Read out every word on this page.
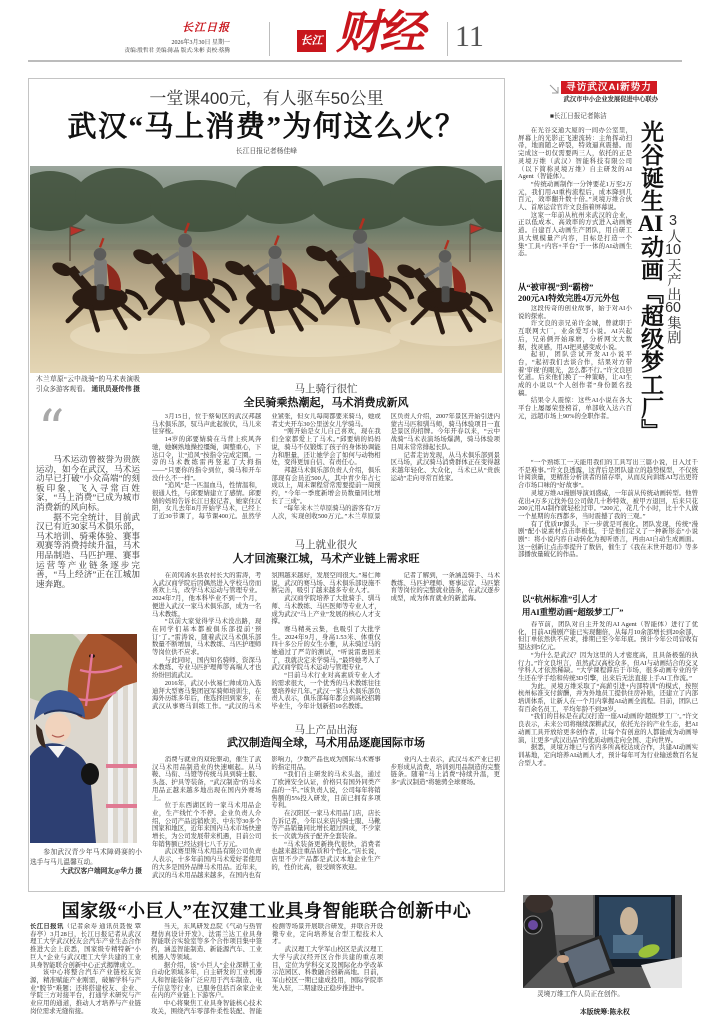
长江日报
2026年3月30日 星期一
责编:殷哲君 美编:陈晶 版式:朱彬 责校:蔡腾
长江 财经	11
一堂课400元，有人驱车50公里
武汉“马上消费”为何这么火？
长江日报记者杨佳峰
木兰草原“云中战骑”的马术表演吸引众多游客观看。 通讯员聂传伟 摄
“

马术运动曾被誉为贵族运动，如今在武汉，马术运动早已打破“小众高端”的刻板印象，飞入寻常百姓家，“马上消费”已成为城市消费新的风向标。

据不完全统计，目前武汉已有近30家马术俱乐部，马术培训、骑乘体验、赛事观赛等消费持续升温，马术用品制造、马匹护理、赛事运营等产业链条逐步完善，“马上经济”正在江城加速奔跑。

参加武汉青少年马术障碍赛的小选手与马儿温馨互动。
大武汉客户端网友@华力 摄
马上骑行很忙
全民骑乘热潮起，马术消费成新风

3月15日，位于蔡甸区的武汉邦越马术俱乐部，驭马声此起彼伏，马儿来往穿梭。

14岁的邱要婧骑在马背上疾风奔驰，她娴熟地操控缰绳，调整重心，下达口令，让“追风”按指令完成定圈。一旁的马术教练雷再竖起了大拇指——“只要你的指令到位，骑马和开车没什么不一样”。

“追风”是一匹温血马，性情温和，很通人性，与邱要婧建立了感情。邱要婧的妈妈告诉长江日报记者，她家住汉阳，女儿去年8月开始学马术，已经上了近30节课了，每节课400元。虽然学业紧张，但女儿每周都要来骑马，她或者丈夫开车30公里送女儿学骑马。

“刚开始是女儿自己喜欢，现在我们全家都爱上了马术。”邱要婧的妈妈说，骑马不仅锻炼了孩子的身体协调能力和胆量，还让她学会了如何与动物相处，变得更加自信、有责任心。

邦越马术俱乐部负责人介绍，俱乐部现有会员近500人，其中青少年占七成以上，周末课程常常需要提前一周预约，“今年一季度新增会员数量同比增长了三成”。

“每年来木兰草原骑马的游客有7万人次，实现创收500万元。”木兰草原景区负责人介绍，2007年景区开始引进内蒙古马匹和驯马师，骑马体验项目一直是景区的招牌。今年开春以来，“云中战骑”马术表演场场爆满，骑马体验项目周末常常排起长队。

记者走访发现，从马术俱乐部到景区马场，武汉骑马消费群体正在变得越来越年轻化、大众化，马术已从“贵族运动”走向寻常百姓家。

马上就业很火
人才回流聚江城，马术产业链上需求旺

在黄冈浠水县农村长大的雷涛，考入武汉商学院后因偶然进入学校马房而喜欢上马，改学马术运动与管理专业。2024年7月，他本科毕业不到一个月，便进入武汉一家马术俱乐部，成为一名马术教练。

“以前大家觉得学马术没出路，现在同学们基本都被俱乐部提前‘预订’了。”雷涛说，随着武汉马术俱乐部数量不断增加，马术教练、马匹护理师等岗位供不应求。

与此同时，国内知名骑师、资深马术教练、专业马匹护理师等高端人才也纷纷回流武汉。

2016年，武汉小伙易仁帅成功入选迪拜大型赛马集团冠军骑师培训生，在海外历练多年后，他选择回到家乡，在武汉从事赛马训练工作。“武汉的马术氛围越来越好，发展空间很大。”易仁帅说，武汉的赛马场、马术俱乐部设施不断完善，吸引了越来越多专业人才。

武汉商学院培养了大批骑手、驯马师、马术教练、马匹医师等专业人才，成为武汉“马上产业”发展的核心人才支撑。

赛马精英云集，也吸引了大批学生。2024年9月，身高1.53米、体重仅四十多公斤的女生小雅，从未骑过马的她通过了严苛的测试，“听说雷勇回来了，我就决定来学骑马。”最终她考入了武汉商学院马术运动与管理专业。

“目前马术行业对高素质专业人才的需求很大，一个优秀的马术教练往往要培养好几年。”武汉一家马术俱乐部负责人表示，俱乐部每年都会到高校招聘毕业生，今年计划新招10名教练。

记者了解到，一条涵盖骑手、马术教练、马匹护理师、赛事运营、马匹繁育等岗位的完整就业链条，在武汉逐步成型，成为体育就业的新蓝海。

马上产品出海
武汉制造闯全球，马术用品逐鹿国际市场

消费与就业的双轮驱动，催生了武汉马术用品制造业的快速崛起。从马鞍、马衔、马镫等传统马具到骑士服、头盔、护具等装备，“武汉制造”的马术用品正越来越多地出现在国内外赛场上。

位于东西湖区的一家马术用品企业，生产线忙个不停。企业负责人介绍，公司产品远销欧美、中东等30多个国家和地区，近年来国内马术市场快速增长，为公司发展带来机遇，目前公司年销售额已经达到七八千万元。

武汉赛里斯马术用品有限公司负责人表示，十多年前国内马术爱好者使用的大多是国外品牌马术用品。近年来，武汉的马术用品越来越多，在国内也有影响力，少数产品也成为国际马术赛事的指定用品。

“我们自主研发的马术头盔，通过了欧洲安全认证，价格只有国外同类产品的一半。”该负责人说，公司每年将销售额的5%投入研发，目前已拥有多项专利。

在汉阳区一家马术用品门店，店长告诉记者，今年以来店内骑士服、马靴等产品销量同比增长超过四成，不少家长一次就为孩子配齐全套装备。

“马术装备更新换代很快，消费者也越来越注重品质和个性化。”店长说，店里不少产品都是武汉本地企业生产的，性价比高，很受顾客欢迎。

业内人士表示，武汉马术产业已初步形成从消费、培训到用品制造的完整链条。随着“马上消费”持续升温，更多“武汉制造”将驰骋全球赛场。

寻访武汉AI新势力
武汉市中小企业发展促进中心联办
■长江日报记者陈洁

在光谷交通大厦的一间办公室里，屏幕上的光影正飞速流转：主角挥动扫帚，地面随之碎裂，特效逼真震撼。而完成这一切仅需要两三人，依托的正是灵境万维（武汉）智能科技有限公司（以下简称灵境万维）自主研发的AI Agent（智能体）。

“传统动画制作一分钟要花1万至2万元，我们用AI重构流程后，成本降到几百元，效率翻升数十倍。”灵境万维合伙人、首席运营官许文良指着屏幕说。

这家一年前从杭州来武汉的企业，正以低成本、高效率的方式进入动画赛道。自建百人动画生产团队，用自研工具大规模量产内容，目标是打造一个集“工具+内容+平台”于一体的AI动画生态。

从“被审视”到“霸榜”
200元AI特效完胜4万元外包

这段传奇的创业故事，始于对AI小说的探索。

许文良的亲兄弟许金城，曾就职于互联网大厂，业余爱写小说。AI兴起后，兄弟俩开始琢磨，分析网文大数据，找灵感，用AI把灵感变成小说。

起初，团队尝试开发AI小说平台，“起初我们去谈合作，结果对方带着‘审视’的眼光，怎么都不行。”许文良回忆道。后来他们换了一种策略，让AI生成的小说以“个人创作者”身份匿名投稿。

结果令人震惊：这些AI小说在各大平台上屡屡荣登榜首，单部收入达六百元，远超市场上90%的全职作者。

光谷诞生AI动画『超级梦工厂』
3人10天产出60集剧

“一个熟练工一天能用我们的工具写出三篇小说，日入过千不是难事。”许文良透露，这背后是团队建立的趋势模型，不仅统计阅读量，更精准分析读者的留存率，从而反向训练AI写出更符合市场口味的“好故事”。

灵境万维AI漫剧导演刘盛威，一年前从传统动画转型。他曾花出4万多元找外包公司做几十秒特效，被甲方退回，后来只花200元用AI制作就轻松过审。“200元，花几个小时，比十个人做一个星期的东西都多，当时震撼了我的三观。”

有了优质IP源头，下一步就是可视化。团队发现，传统“漫剧”配小说素材点击率极低，于是他们定义了一种新形态“小说剧”：将小说内容自动转化为视听语言，再由AI自动生成画面。这一创新让点击率提升了数倍，催生了《我在末世开超市》等多部播放量破亿的作品。

以“杭州标准”引人才
用AI重塑动画“超级梦工厂”

春节前，团队对自主开发的AI Agent（智能体）进行了优化，目前AI漫剧产能已实现翻倍，从每月10余部增长到20余部，但订单依然供不应求，排期已至今年年底。预计今年公司营收有望达到5亿元。

“为什么是武汉？因为这里的人才密度高，且具备极强的执行力。”许文良坦言，虽然武汉高校众多，但AI与动画结合的交叉学科人才依然稀缺。“大学课程滞后于市场，很多动画专业的学生还在学手绘和传统3D引擎，出来后无法直接上手AI工作流。”

为此，灵境万维采取了“高薪引进+内部特训”的模式，按照杭州标准支付薪酬，并为外地员工提供住房补贴，还建立了内部培训体系，让新人在一个月内掌握AI动画全流程。目前，团队已有百余名员工，平均年龄不到28岁。

“我们的目标是在武汉打造一座AI动画的‘超级梦工厂’。”许文良表示，未来公司将继续深耕武汉，依托光谷的产业生态，把AI动画工具开放给更多创作者，让每个有创意的人都能成为动画导演，让更多“武汉出品”的优质动画走向全国、走向世界。

据悉，灵境万维已与省内多所高校达成合作，共建AI动画实训基地，定向培养AI动画人才，预计每年可为行业输送数百名复合型人才。

灵境万维工作人员正在创作。
本版统筹:陈永权
国家级“小巨人”在汉建工业具身智能联合创新中心

长江日报讯（记者余寿 通讯员聂俊 覃春亭）3月28日，长江日报记者从武汉理工大学武汉校友会汽车产业生态合作推进大会上获悉，国家级专精特新“小巨人”企业与武汉理工大学共建的工业具身智能联合创新中心正式揭牌成立。

该中心将整合汽车产业链校友资源，精准赋能产业刚需，破解学科与产业“脱节”难题；还将搭建校友、企业、学院三方对接平台，打通学术研究与产业应用的通道，推动人才培养与产业链岗位需求无缝衔接。

当天，东风研发总院《气动与热管理仿真设计开发》、法雷兰达工业具身智能联合实验室等多个合作项目集中签约，涵盖智能制造、新能源汽车、工业机器人等领域。

据介绍，该“小巨人”企业深耕工业自动化领域多年，自主研发的工业机器人和智能装备广泛应用于汽车制造、电子信息等行业，已服务包括百余家企业在内的产业链上下游客户。

中心将聚焦工业具身智能核心技术攻关，围绕汽车零部件柔性装配、智能检测等场景开展联合研发，并联合开设微专业，定向培养复合型工程技术人才。

武汉理工大学军山校区是武汉理工大学与武汉经开区合作共建的重点项目，定位为学科交叉及国际化办学改革示范园区、科教融合创新高地。目前，军山校区一期已建成投用，国际学院率先入驻，二期建设正稳步推进中。
